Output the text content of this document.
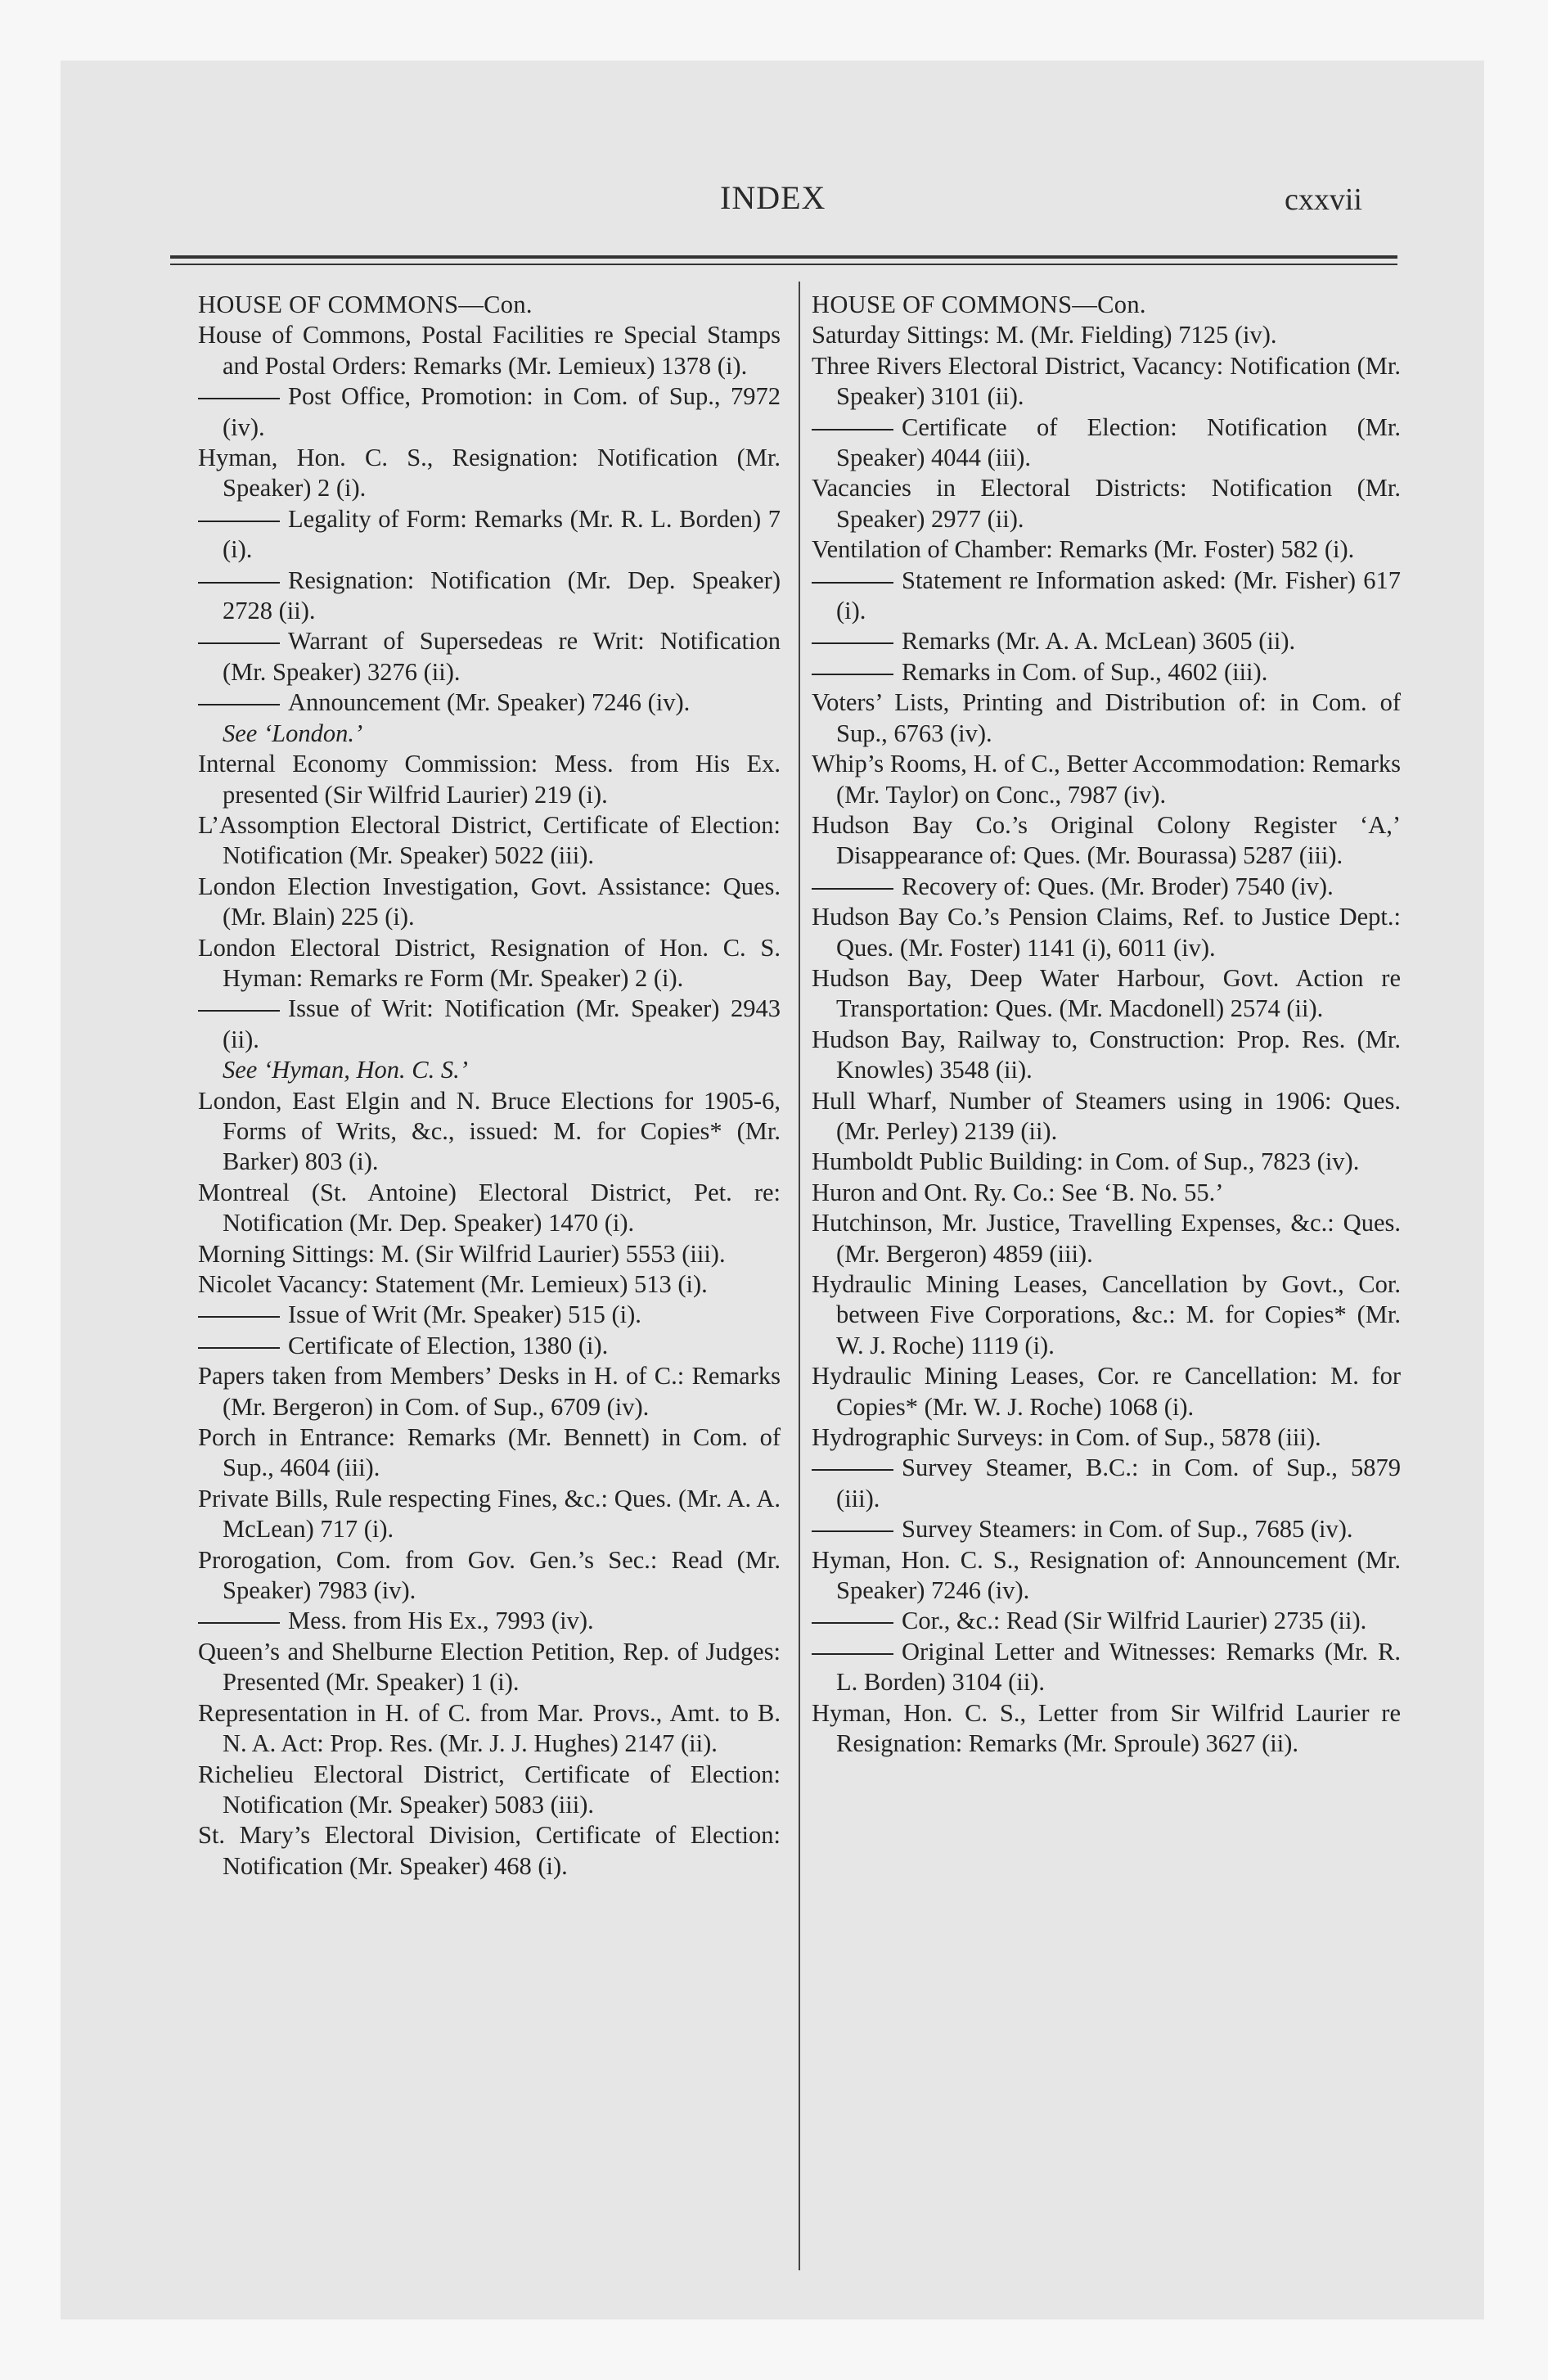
INDEX	cxxvii
HOUSE OF COMMONS—Con.
House of Commons, Postal Facilities re Special Stamps and Postal Orders: Remarks (Mr. Lemieux) 1378 (i).
Post Office, Promotion: in Com. of Sup., 7972 (iv).
Hyman, Hon. C. S., Resignation: Notification (Mr. Speaker) 2 (i).
Legality of Form: Remarks (Mr. R. L. Borden) 7 (i).
Resignation: Notification (Mr. Dep. Speaker) 2728 (ii).
Warrant of Supersedeas re Writ: Notification (Mr. Speaker) 3276 (ii).
Announcement (Mr. Speaker) 7246 (iv).
See ‘London.’
Internal Economy Commission: Mess. from His Ex. presented (Sir Wilfrid Laurier) 219 (i).
L’Assomption Electoral District, Certificate of Election: Notification (Mr. Speaker) 5022 (iii).
London Election Investigation, Govt. Assistance: Ques. (Mr. Blain) 225 (i).
London Electoral District, Resignation of Hon. C. S. Hyman: Remarks re Form (Mr. Speaker) 2 (i).
Issue of Writ: Notification (Mr. Speaker) 2943 (ii).
See ‘Hyman, Hon. C. S.’
London, East Elgin and N. Bruce Elections for 1905-6, Forms of Writs, &c., issued: M. for Copies* (Mr. Barker) 803 (i).
Montreal (St. Antoine) Electoral District, Pet. re: Notification (Mr. Dep. Speaker) 1470 (i).
Morning Sittings: M. (Sir Wilfrid Laurier) 5553 (iii).
Nicolet Vacancy: Statement (Mr. Lemieux) 513 (i).
Issue of Writ (Mr. Speaker) 515 (i).
Certificate of Election, 1380 (i).
Papers taken from Members’ Desks in H. of C.: Remarks (Mr. Bergeron) in Com. of Sup., 6709 (iv).
Porch in Entrance: Remarks (Mr. Bennett) in Com. of Sup., 4604 (iii).
Private Bills, Rule respecting Fines, &c.: Ques. (Mr. A. A. McLean) 717 (i).
Prorogation, Com. from Gov. Gen.’s Sec.: Read (Mr. Speaker) 7983 (iv).
Mess. from His Ex., 7993 (iv).
Queen’s and Shelburne Election Petition, Rep. of Judges: Presented (Mr. Speaker) 1 (i).
Representation in H. of C. from Mar. Provs., Amt. to B. N. A. Act: Prop. Res. (Mr. J. J. Hughes) 2147 (ii).
Richelieu Electoral District, Certificate of Election: Notification (Mr. Speaker) 5083 (iii).
St. Mary’s Electoral Division, Certificate of Election: Notification (Mr. Speaker) 468 (i).
HOUSE OF COMMONS—Con.
Saturday Sittings: M. (Mr. Fielding) 7125 (iv).
Three Rivers Electoral District, Vacancy: Notification (Mr. Speaker) 3101 (ii).
Certificate of Election: Notification (Mr. Speaker) 4044 (iii).
Vacancies in Electoral Districts: Notification (Mr. Speaker) 2977 (ii).
Ventilation of Chamber: Remarks (Mr. Foster) 582 (i).
Statement re Information asked: (Mr. Fisher) 617 (i).
Remarks (Mr. A. A. McLean) 3605 (ii).
Remarks in Com. of Sup., 4602 (iii).
Voters’ Lists, Printing and Distribution of: in Com. of Sup., 6763 (iv).
Whip’s Rooms, H. of C., Better Accommodation: Remarks (Mr. Taylor) on Conc., 7987 (iv).
Hudson Bay Co.’s Original Colony Register ‘A,’ Disappearance of: Ques. (Mr. Bourassa) 5287 (iii).
Recovery of: Ques. (Mr. Broder) 7540 (iv).
Hudson Bay Co.’s Pension Claims, Ref. to Justice Dept.: Ques. (Mr. Foster) 1141 (i), 6011 (iv).
Hudson Bay, Deep Water Harbour, Govt. Action re Transportation: Ques. (Mr. Macdonell) 2574 (ii).
Hudson Bay, Railway to, Construction: Prop. Res. (Mr. Knowles) 3548 (ii).
Hull Wharf, Number of Steamers using in 1906: Ques. (Mr. Perley) 2139 (ii).
Humboldt Public Building: in Com. of Sup., 7823 (iv).
Huron and Ont. Ry. Co.: See ‘B. No. 55.’
Hutchinson, Mr. Justice, Travelling Expenses, &c.: Ques. (Mr. Bergeron) 4859 (iii).
Hydraulic Mining Leases, Cancellation by Govt., Cor. between Five Corporations, &c.: M. for Copies* (Mr. W. J. Roche) 1119 (i).
Hydraulic Mining Leases, Cor. re Cancellation: M. for Copies* (Mr. W. J. Roche) 1068 (i).
Hydrographic Surveys: in Com. of Sup., 5878 (iii).
Survey Steamer, B.C.: in Com. of Sup., 5879 (iii).
Survey Steamers: in Com. of Sup., 7685 (iv).
Hyman, Hon. C. S., Resignation of: Announcement (Mr. Speaker) 7246 (iv).
Cor., &c.: Read (Sir Wilfrid Laurier) 2735 (ii).
Original Letter and Witnesses: Remarks (Mr. R. L. Borden) 3104 (ii).
Hyman, Hon. C. S., Letter from Sir Wilfrid Laurier re Resignation: Remarks (Mr. Sproule) 3627 (ii).
